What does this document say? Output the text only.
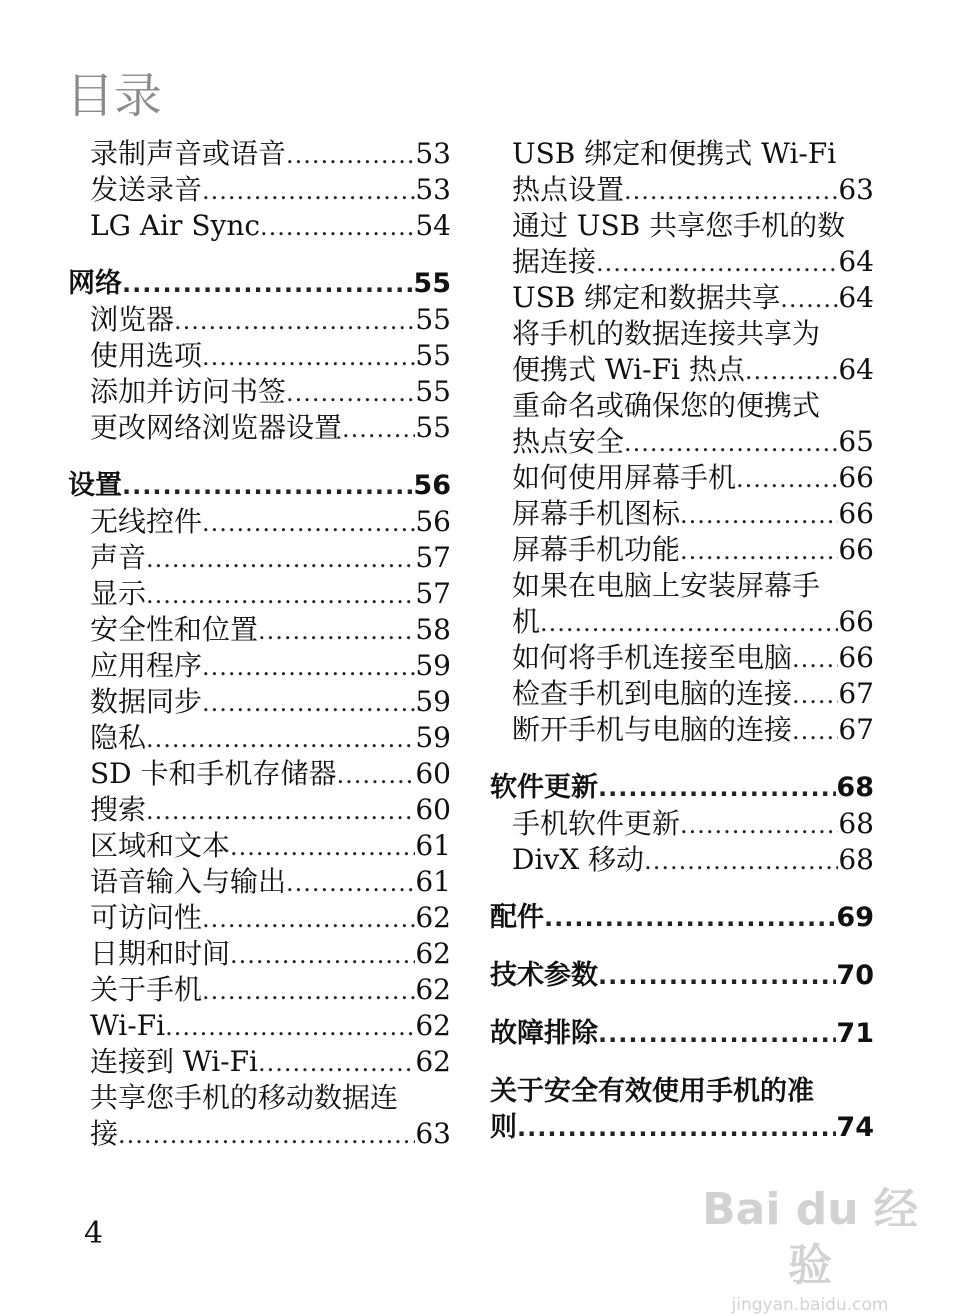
目录
录制声音或语音 .....	53
发送录音 .....	53
LG Air Sync .....	54
网络 .....	55
浏览器 .....	55
使用选项 .....	55
添加并访问书签 .....	55
更改网络浏览器设置 .....	55
设置 .....	56
无线控件 .....	56
声音 .....	57
显示 .....	57
安全性和位置 .....	58
应用程序 .....	59
数据同步 .....	59
隐私 .....	59
SD 卡和手机存储器 .....	60
搜索 .....	60
区域和文本 .....	61
语音输入与输出 .....	61
可访问性 .....	62
日期和时间 .....	62
关于手机 .....	62
Wi-Fi .....	62
连接到 Wi-Fi .....	62
共享您手机的移动数据连
接 .....	63
USB 绑定和便携式 Wi-Fi
热点设置 .....	63
通过 USB 共享您手机的数
据连接 .....	64
USB 绑定和数据共享 ..... 64
将手机的数据连接共享为
便携式 Wi-Fi 热点 .....	64
重命名或确保您的便携式
热点安全 .....	65
如何使用屏幕手机 .....	66
屏幕手机图标 .....	66
屏幕手机功能 .....	66
如果在电脑上安装屏幕手
机 .....	66
如何将手机连接至电脑 ..... 66
检查手机到电脑的连接 ..... 67
断开手机与电脑的连接 ..... 67
软件更新 .....	68
手机软件更新 .....	68
DivX 移动 .....	68
配件 .....	69
技术参数 .....	70
故障排除 .....	71
关于安全有效使用手机的准
则 .....	74
4	Bai du 经验
jingyan.baidu.com
